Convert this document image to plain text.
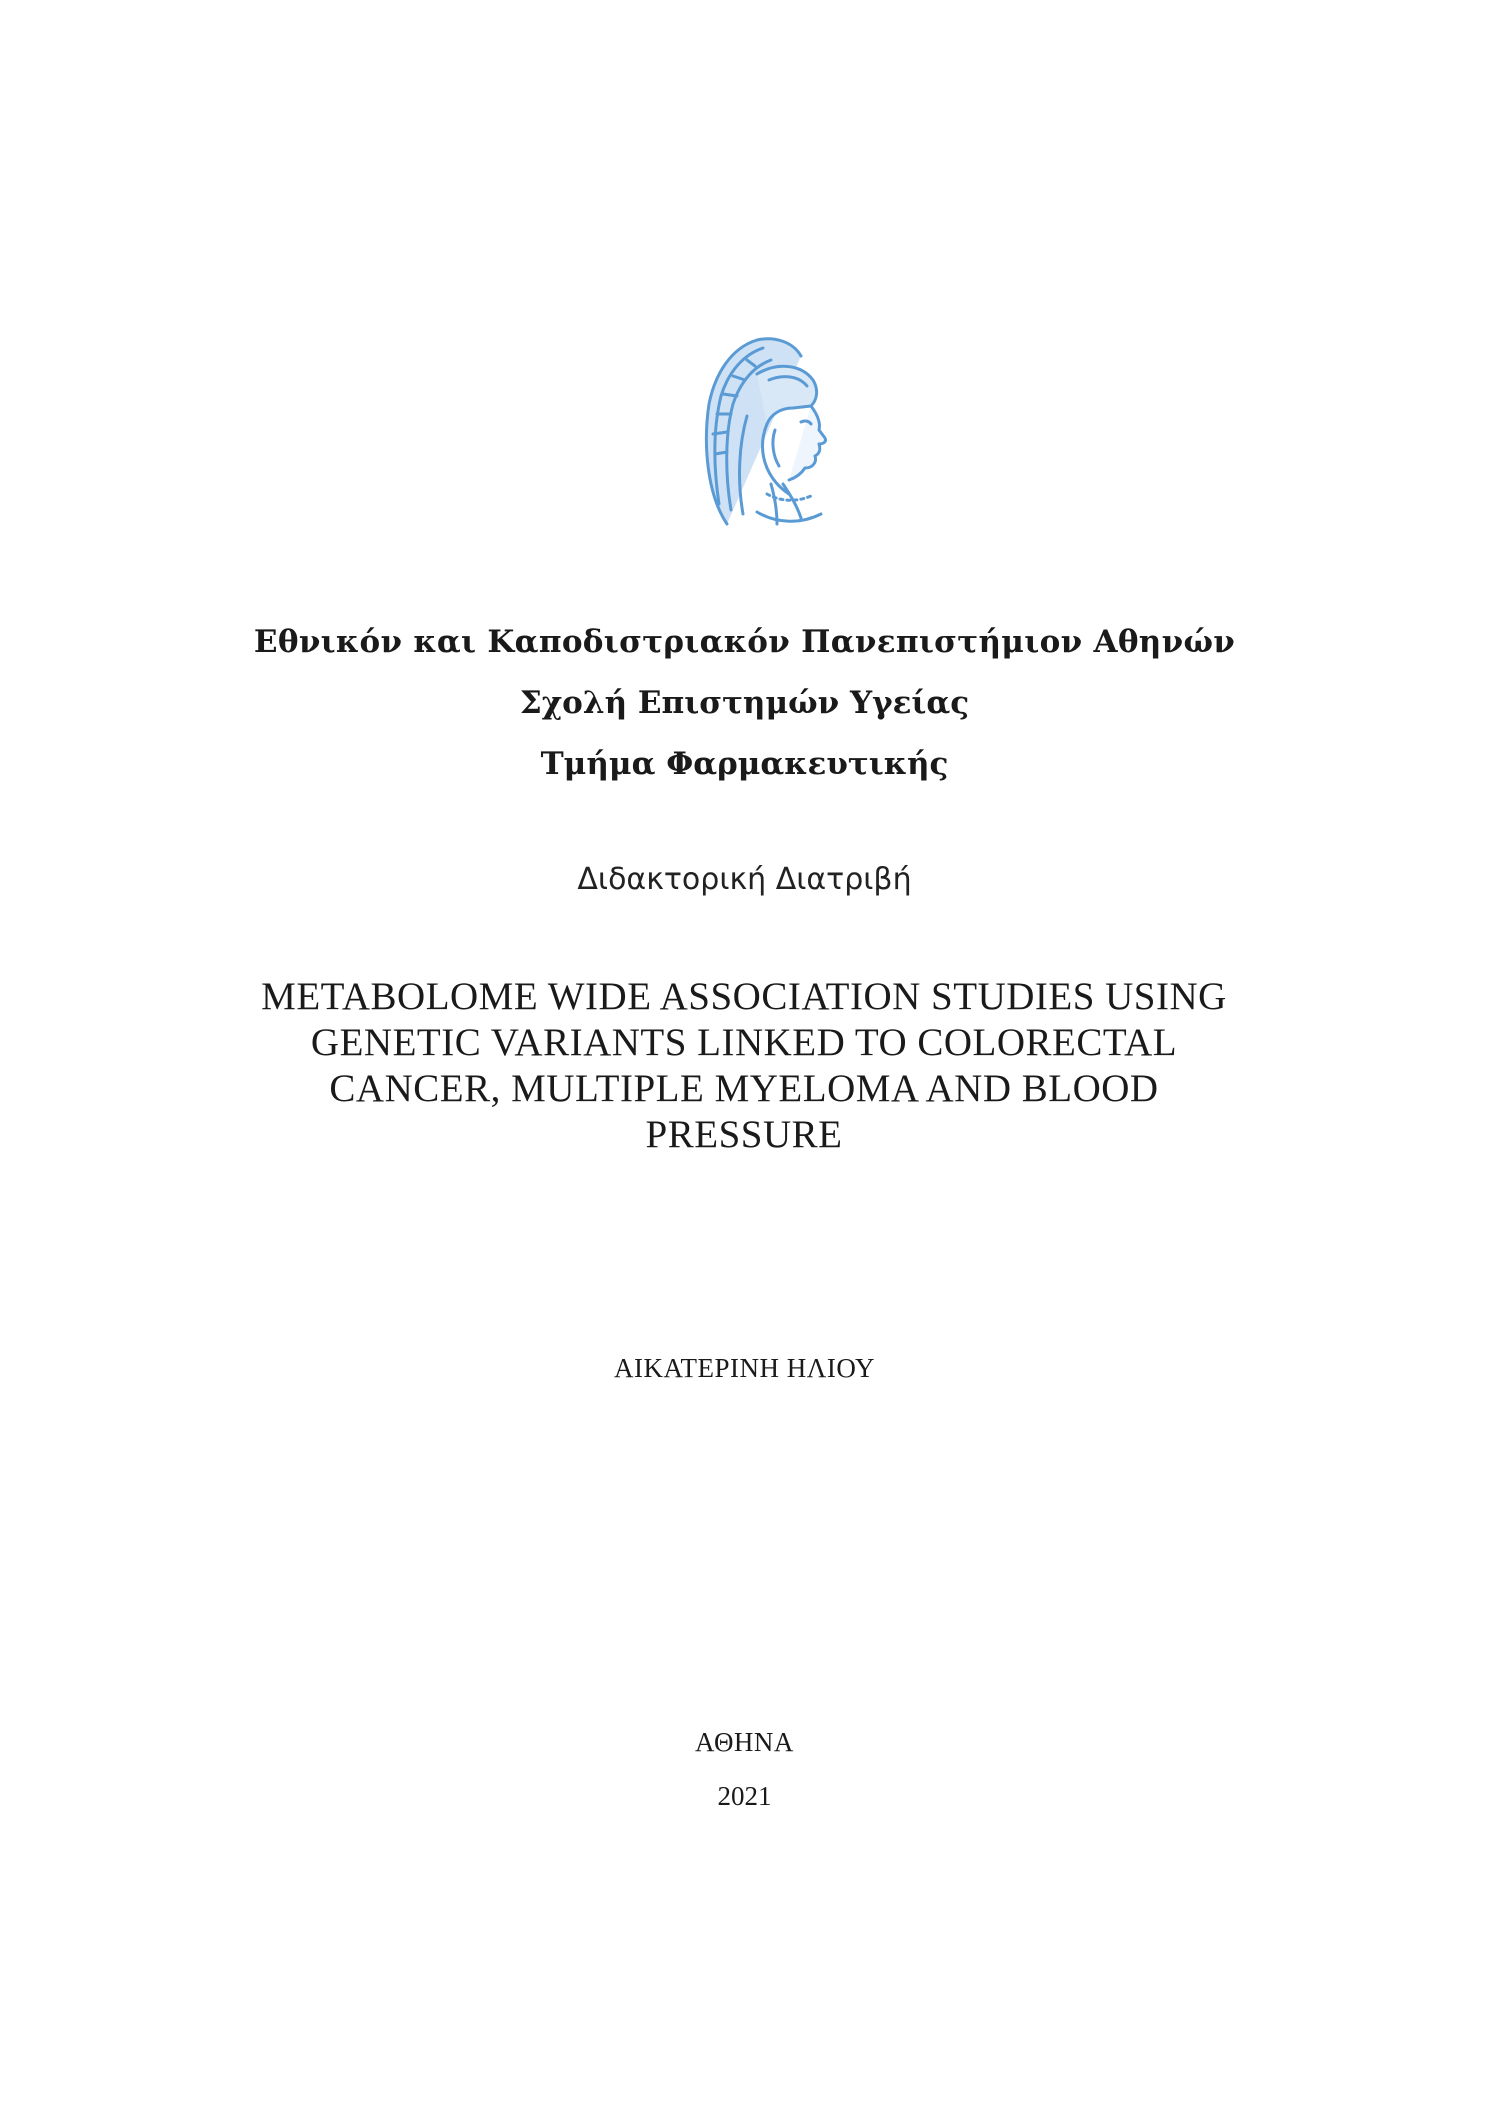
Εθνικόν και Καποδιστριακόν Πανεπιστήμιον Αθηνών

Σχολή Επιστημών Υγείας

Τμήμα Φαρμακευτικής

Διδακτορική Διατριβή

METABOLOME WIDE ASSOCIATION STUDIES USING GENETIC VARIANTS LINKED TO COLORECTAL CANCER, MULTIPLE MYELOMA AND BLOOD PRESSURE

ΑΙΚΑΤΕΡΙΝΗ ΗΛΙΟΥ

ΑΘΗΝΑ

2021
